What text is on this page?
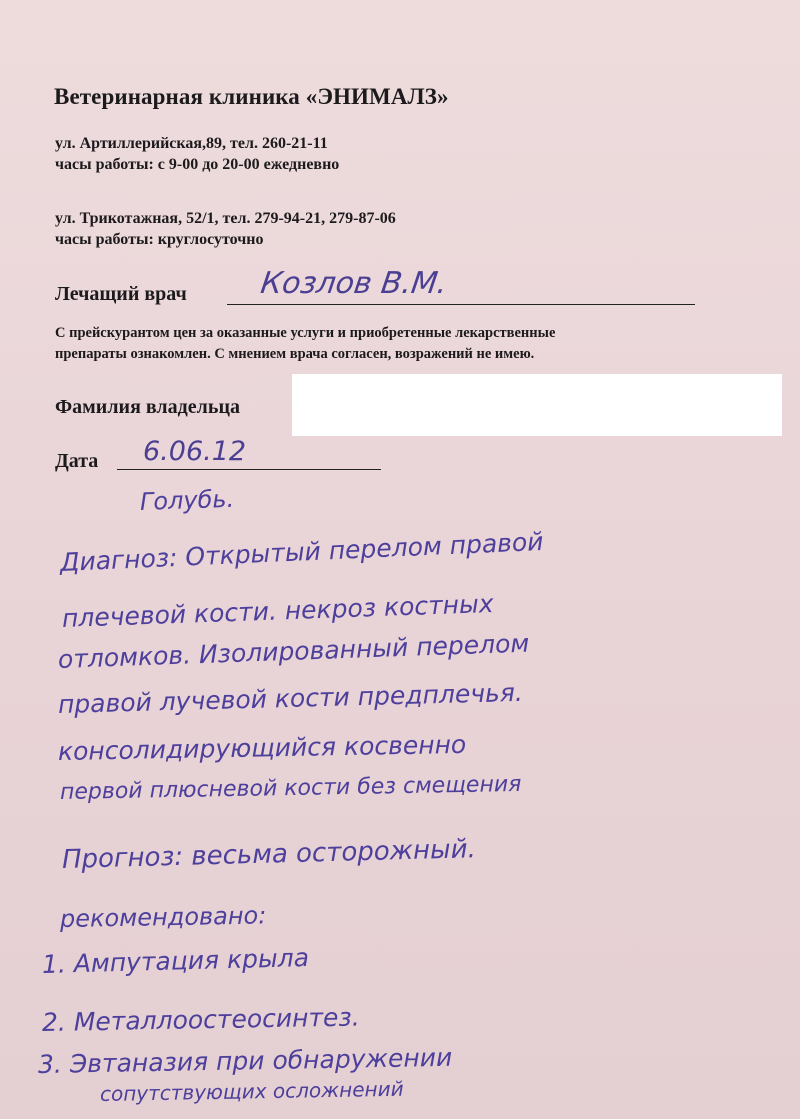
Ветеринарная клиника «ЭНИМАЛЗ»
ул. Артиллерийская,89, тел. 260-21-11
часы работы: с 9-00 до 20-00 ежедневно
ул. Трикотажная, 52/1, тел. 279-94-21, 279-87-06
часы работы: круглосуточно
Лечащий врач Козлов В.М.
С прейскурантом цен за оказанные услуги и приобретенные лекарственные
препараты ознакомлен. С мнением врача согласен, возражений не имею.
Фамилия владельца
Дата 6.06.12
Голубь.
Диагноз: Открытый перелом правой
плечевой кости. некроз костных
отломков. Изолированный перелом
правой лучевой кости предплечья.
консолидирующийся косвенно
первой плюсневой кости без смещения
Прогноз: весьма осторожный.
рекомендовано:
1. Ампутация крыла
2. Металлоостеосинтез.
3. Эвтаназия при обнаружении
сопутствующих осложнений
